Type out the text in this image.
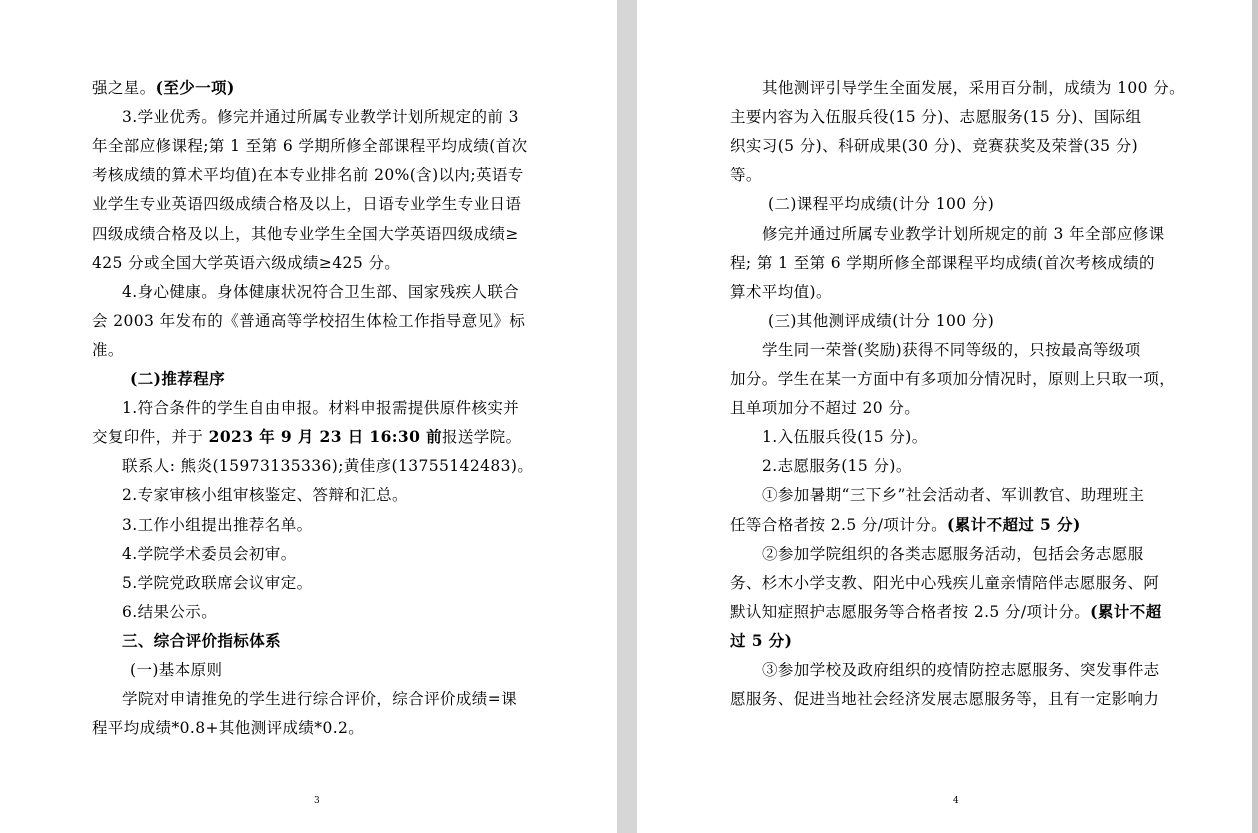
强之星。(至少一项)
3.学业优秀。修完并通过所属专业教学计划所规定的前 3
年全部应修课程;第 1 至第 6 学期所修全部课程平均成绩(首次
考核成绩的算术平均值)在本专业排名前 20%(含)以内;英语专
业学生专业英语四级成绩合格及以上，日语专业学生专业日语
四级成绩合格及以上，其他专业学生全国大学英语四级成绩≥
425 分或全国大学英语六级成绩≥425 分。
4.身心健康。身体健康状况符合卫生部、国家残疾人联合
会 2003 年发布的《普通高等学校招生体检工作指导意见》标
准。
(二)推荐程序
1.符合条件的学生自由申报。材料申报需提供原件核实并
交复印件，并于 2023 年 9 月 23 日 16:30 前报送学院。
联系人: 熊炎(15973135336);黄佳彦(13755142483)。
2.专家审核小组审核鉴定、答辩和汇总。
3.工作小组提出推荐名单。
4.学院学术委员会初审。
5.学院党政联席会议审定。
6.结果公示。
三、综合评价指标体系
(一)基本原则
学院对申请推免的学生进行综合评价，综合评价成绩=课
程平均成绩*0.8+其他测评成绩*0.2。
3
其他测评引导学生全面发展，采用百分制，成绩为 100 分。
主要内容为入伍服兵役(15 分)、志愿服务(15 分)、国际组
织实习(5 分)、科研成果(30 分)、竞赛获奖及荣誉(35 分)
等。
(二)课程平均成绩(计分 100 分)
修完并通过所属专业教学计划所规定的前 3 年全部应修课
程; 第 1 至第 6 学期所修全部课程平均成绩(首次考核成绩的
算术平均值)。
(三)其他测评成绩(计分 100 分)
学生同一荣誉(奖励)获得不同等级的，只按最高等级项
加分。学生在某一方面中有多项加分情况时，原则上只取一项，
且单项加分不超过 20 分。
1.入伍服兵役(15 分)。
2.志愿服务(15 分)。
①参加暑期“三下乡”社会活动者、军训教官、助理班主
任等合格者按 2.5 分/项计分。(累计不超过 5 分)
②参加学院组织的各类志愿服务活动，包括会务志愿服
务、杉木小学支教、阳光中心残疾儿童亲情陪伴志愿服务、阿
默认知症照护志愿服务等合格者按 2.5 分/项计分。(累计不超
过 5 分)
③参加学校及政府组织的疫情防控志愿服务、突发事件志
愿服务、促进当地社会经济发展志愿服务等，且有一定影响力
4
